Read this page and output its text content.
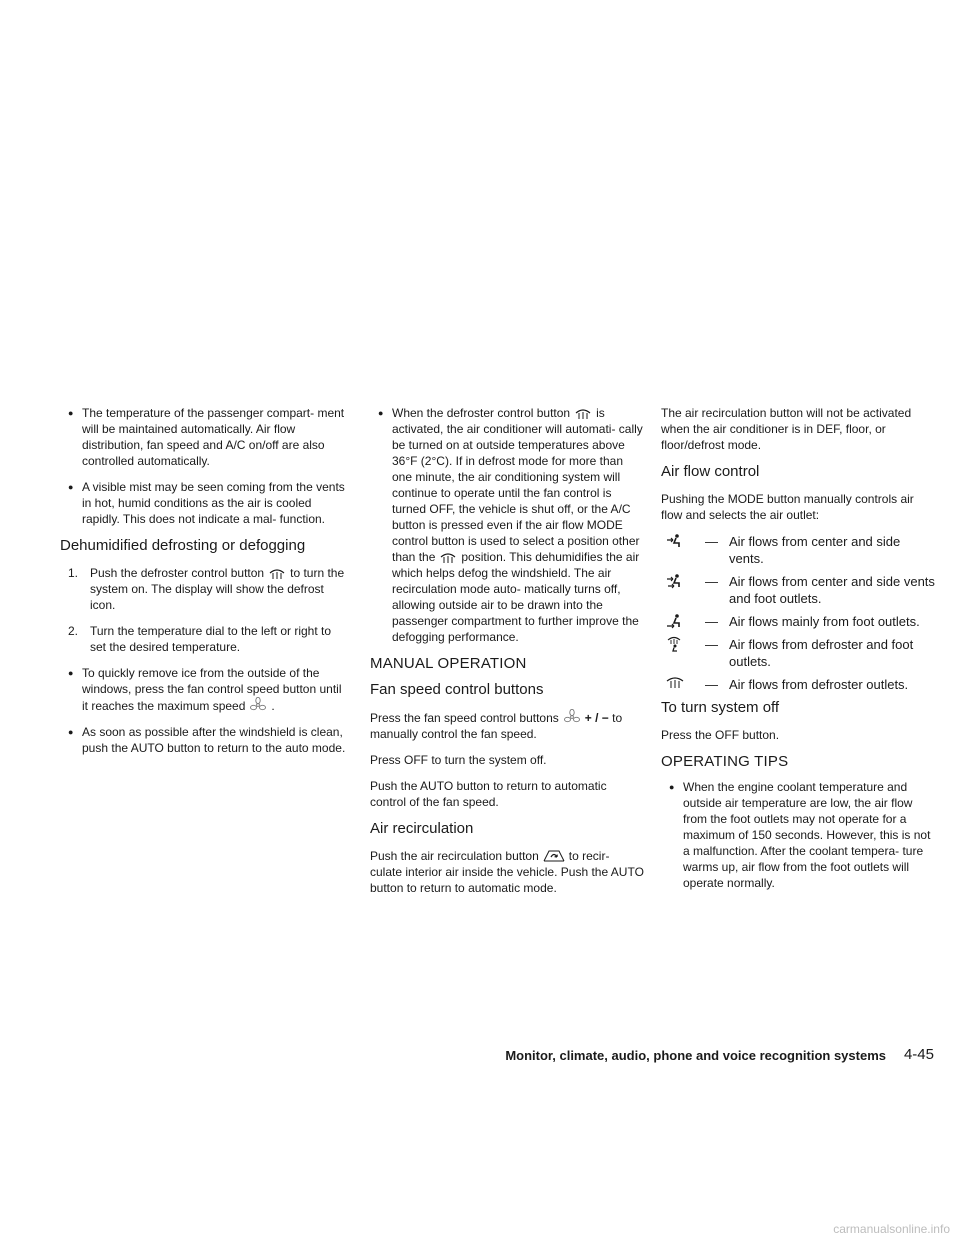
● The temperature of the passenger compart- ment will be maintained automatically. Air flow distribution, fan speed and A/C on/off are also controlled automatically.
● A visible mist may be seen coming from the vents in hot, humid conditions as the air is cooled rapidly. This does not indicate a mal- function.
Dehumidified defrosting or defogging
1. Push the defroster control button to turn the system on. The display will show the defrost icon.
2. Turn the temperature dial to the left or right to set the desired temperature.
● To quickly remove ice from the outside of the windows, press the fan control speed button until it reaches the maximum speed .
● As soon as possible after the windshield is clean, push the AUTO button to return to the auto mode.
● When the defroster control button is activated, the air conditioner will automati- cally be turned on at outside temperatures above 36°F (2°C). If in defrost mode for more than one minute, the air conditioning system will continue to operate until the fan control is turned OFF, the vehicle is shut off, or the A/C button is pressed even if the air flow MODE control button is used to select a position other than the position. This dehumidifies the air which helps defog the windshield. The air recirculation mode auto- matically turns off, allowing outside air to be drawn into the passenger compartment to further improve the defogging performance.
MANUAL OPERATION
Fan speed control buttons
Press the fan speed control buttons + / − to manually control the fan speed.
Press OFF to turn the system off.
Push the AUTO button to return to automatic control of the fan speed.
Air recirculation
Push the air recirculation button	to recir- culate interior air inside the vehicle. Push the AUTO button to return to automatic mode.
The air recirculation button will not be activated when the air conditioner is in DEF, floor, or floor/defrost mode.
Air flow control
Pushing the MODE button manually controls air flow and selects the air outlet:
— Air flows from center and side vents.
— Air flows from center and side vents and foot outlets.
— Air flows mainly from foot outlets.
— Air flows from defroster and foot outlets.
— Air flows from defroster outlets.
To turn system off
Press the OFF button.
OPERATING TIPS
● When the engine coolant temperature and outside air temperature are low, the air flow from the foot outlets may not operate for a maximum of 150 seconds. However, this is not a malfunction. After the coolant tempera- ture warms up, air flow from the foot outlets will operate normally.
Monitor, climate, audio, phone and voice recognition systems 4-45
carmanualsonline.info
